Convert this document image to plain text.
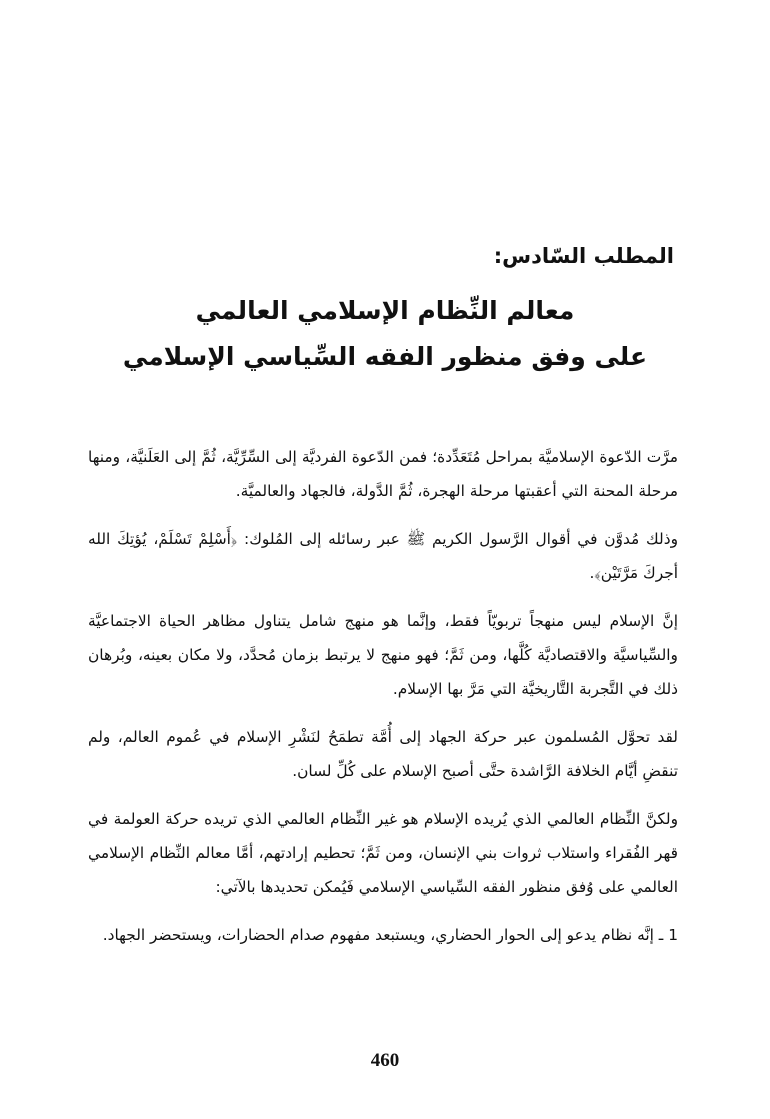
المطلب السّادس:
معالم النِّظام الإسلامي العالمي
على وفق منظور الفقه السِّياسي الإسلامي

مرَّت الدّعوة الإسلاميَّة بمراحل مُتَعَدِّدة؛ فمن الدّعوة الفرديَّة إلى السِّرِّيَّة، ثُمَّ إلى العَلَنيَّة، ومنها مرحلة المحنة التي أعقبتها مرحلة الهجرة، ثُمَّ الدَّولة، فالجهاد والعالميَّة.

وذلك مُدوَّن في أقوال الرَّسول الكريم ﷺ عبر رسائله إلى المُلوك: ﴿أَسْلِمْ تَسْلَمْ، يُؤتِكَ الله أجركَ مَرَّتَيْن﴾.

إنَّ الإسلام ليس منهجاً تربويّاً فقط، وإنَّما هو منهج شامل يتناول مظاهر الحياة الاجتماعيَّة والسِّياسيَّة والاقتصاديَّة كُلَّها، ومن ثَمَّ؛ فهو منهج لا يرتبط بزمان مُحدَّد، ولا مكان بعينه، وبُرهان ذلك في التَّجربة التَّاريخيَّة التي مَرَّ بها الإسلام.

لقد تحوَّل المُسلمون عبر حركة الجهاد إلى أُمَّة تطمَحُ لنَشْرِ الإسلام في عُموم العالم، ولم تنقضِ أيَّام الخلافة الرَّاشدة حتَّى أصبح الإسلام على كُلِّ لسان.

ولكنَّ النِّظام العالمي الذي يُريده الإسلام هو غير النِّظام العالمي الذي تريده حركة العولمة في قهر الفُقراء واستلاب ثروات بني الإنسان، ومن ثَمَّ؛ تحطيم إرادتهم، أمَّا معالم النِّظام الإسلامي العالمي على وُفق منظور الفقه السِّياسي الإسلامي فَيُمكن تحديدها بالآتي:

1 ـ إنَّه نظام يدعو إلى الحوار الحضاري، ويستبعد مفهوم صدام الحضارات، ويستحضر الجهاد.

460
